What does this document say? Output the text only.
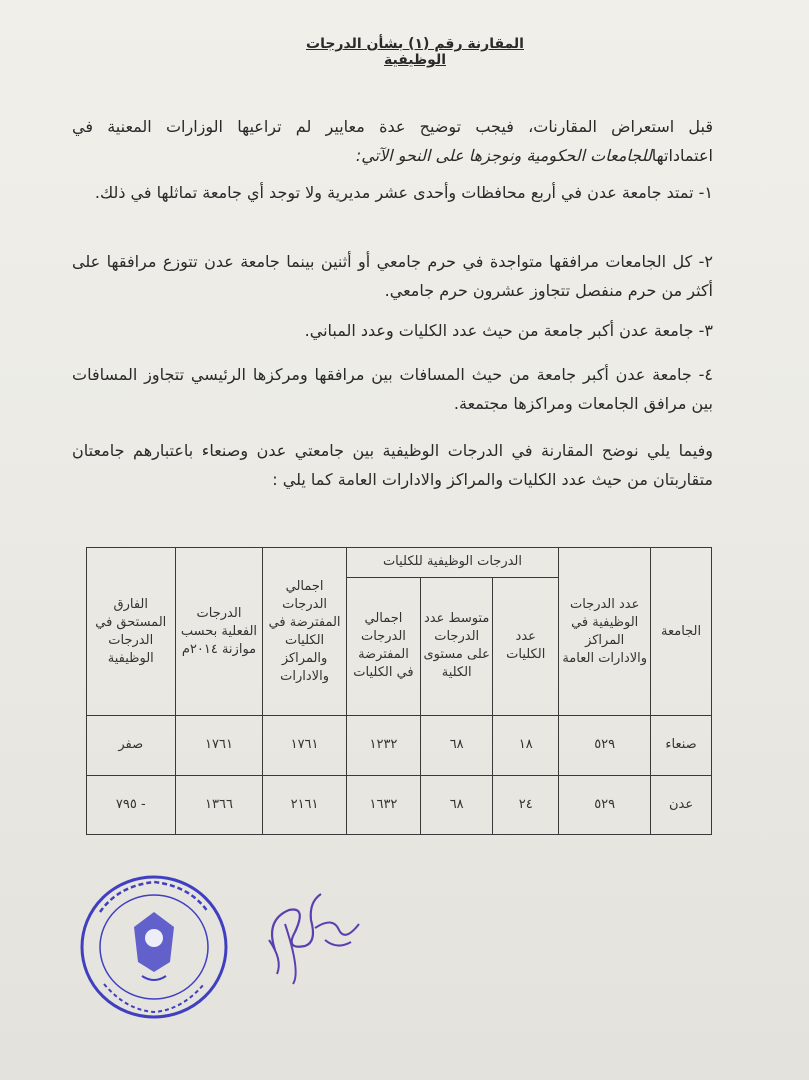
المقارنة رقم (١) بشأن الدرجات الوظيفية
قبل استعراض المقارنات، فيجب توضيح عدة معايير لم تراعيها الوزارات المعنية في اعتماداتهاللجامعات الحكومية ونوجزها على النحو الآتي:
١- تمتد جامعة عدن في أربع محافظات وأحدى عشر مديرية ولا توجد أي جامعة تماثلها في ذلك.
٢- كل الجامعات مرافقها متواجدة في حرم جامعي أو أثنين بينما جامعة عدن تتوزع مرافقها على أكثر من حرم منفصل تتجاوز عشرون حرم جامعي.
٣- جامعة عدن أكبر جامعة من حيث عدد الكليات وعدد المباني.
٤- جامعة عدن أكبر جامعة من حيث المسافات بين مرافقها ومركزها الرئيسي تتجاوز المسافات بين مرافق الجامعات ومراكزها مجتمعة.
وفيما يلي نوضح المقارنة في الدرجات الوظيفية بين جامعتي عدن وصنعاء باعتبارهم جامعتان متقاربتان من حيث عدد الكليات والمراكز والادارات العامة كما يلي :
الجامعة	عدد الدرجات الوظيفية في المراكز والادارات العامة	الدرجات الوظيفية للكليات			اجمالي الدرجات المفترضة في الكليات والمراكز والادارات	الدرجات الفعلية بحسب موازنة ٢٠١٤م	الفارق المستحق في الدرجات الوظيفية
		عدد الكليات	متوسط عدد الدرجات على مستوى الكلية	اجمالي الدرجات المفترضة في الكليات			
صنعاء	٥٢٩	١٨	٦٨	١٢٣٢	١٧٦١	١٧٦١	صفر
عدن	٥٢٩	٢٤	٦٨	١٦٣٢	٢١٦١	١٣٦٦	- ٧٩٥
